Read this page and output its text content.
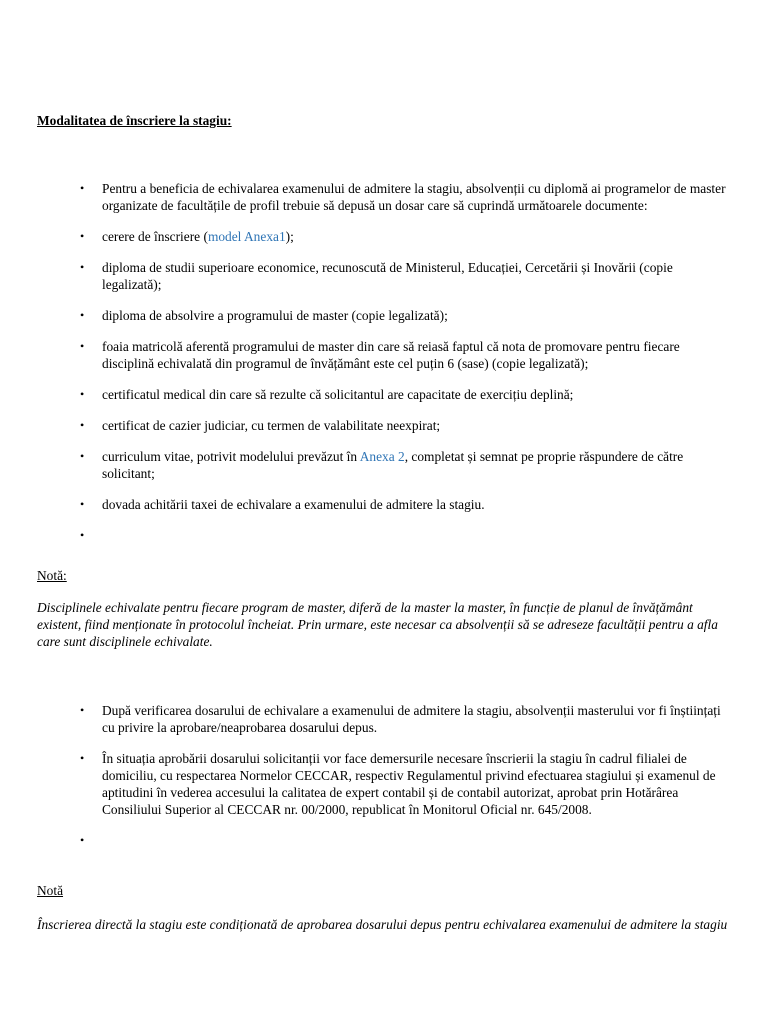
Modalitatea de înscriere la stagiu:
• Pentru a beneficia de echivalarea examenului de admitere la stagiu, absolvenții cu diplomă ai programelor de master organizate de facultățile de profil trebuie să depusă un dosar care să cuprindă următoarele documente:
• cerere de înscriere (model Anexa1);
• diploma de studii superioare economice, recunoscută de Ministerul, Educației, Cercetării și Inovării (copie legalizată);
• diploma de absolvire a programului de master (copie legalizată);
• foaia matricolă aferentă programului de master din care să reiasă faptul că nota de promovare pentru fiecare disciplină echivalată din programul de învățământ este cel puțin 6 (sase) (copie legalizată);
• certificatul medical din care să rezulte că solicitantul are capacitate de exercițiu deplină;
• certificat de cazier judiciar, cu termen de valabilitate neexpirat;
• curriculum vitae, potrivit modelului prevăzut în Anexa 2, completat și semnat pe proprie răspundere de către solicitant;
• dovada achitării taxei de echivalare a examenului de admitere la stagiu.
•
Notă:
Disciplinele echivalate pentru fiecare program de master, diferă de la master la master, în funcție de planul de învățământ existent, fiind menționate în protocolul încheiat. Prin urmare, este necesar ca absolvenții să se adreseze facultății pentru a afla care sunt disciplinele echivalate.
• După verificarea dosarului de echivalare a examenului de admitere la stagiu, absolvenții masterului vor fi înștiințați cu privire la aprobare/neaprobarea dosarului depus.
• În situația aprobării dosarului solicitanții vor face demersurile necesare înscrierii la stagiu în cadrul filialei de domiciliu, cu respectarea Normelor CECCAR, respectiv Regulamentul privind efectuarea stagiului și examenul de aptitudini în vederea accesului la calitatea de expert contabil și de contabil autorizat, aprobat prin Hotărârea Consiliului Superior al CECCAR nr. 00/2000, republicat în Monitorul Oficial nr. 645/2008.
•
Notă
Înscrierea directă la stagiu este condiționată de aprobarea dosarului depus pentru echivalarea examenului de admitere la stagiu
